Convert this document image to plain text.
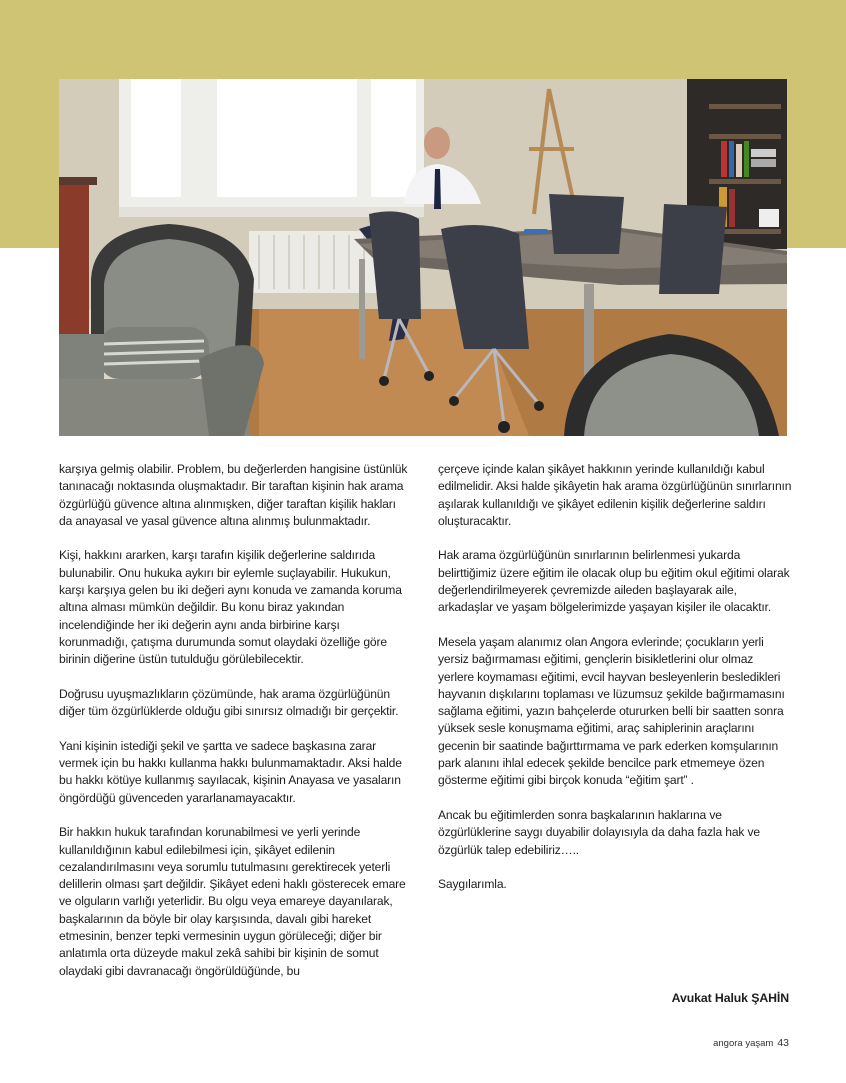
karşıya gelmiş olabilir. Problem, bu değerlerden hangisine üstünlük tanınacağı noktasında oluşmaktadır. Bir taraftan kişinin hak arama özgürlüğü güvence altına alınmışken, diğer taraftan kişilik hakları da anayasal ve yasal güvence altına alınmış bulunmaktadır.

Kişi, hakkını ararken, karşı tarafın kişilik değerlerine saldırıda bulunabilir. Onu hukuka aykırı bir eylemle suçlayabilir. Hukukun, karşı karşıya gelen bu iki değeri aynı konuda ve zamanda koruma altına alması mümkün değildir. Bu konu biraz yakından incelendiğinde her iki değerin aynı anda birbirine karşı korunmadığı, çatışma durumunda somut olaydaki özelliğe göre birinin diğerine üstün tutulduğu görülebilecektir.

Doğrusu uyuşmazlıkların çözümünde, hak arama özgürlüğünün diğer tüm özgürlüklerde olduğu gibi sınırsız olmadığı bir gerçektir.

Yani kişinin istediği şekil ve şartta ve sadece başkasına zarar vermek için bu hakkı kullanma hakkı bulunmamaktadır. Aksi halde bu hakkı kötüye kullanmış sayılacak, kişinin Anayasa ve yasaların öngördüğü güvenceden yararlanamayacaktır.

Bir hakkın hukuk tarafından korunabilmesi ve yerli yerinde kullanıldığının kabul edilebilmesi için, şikâyet edilenin cezalandırılmasını veya sorumlu tutulmasını gerektirecek yeterli delillerin olması şart değildir. Şikâyet edeni haklı gösterecek emare ve olguların varlığı yeterlidir. Bu olgu veya emareye dayanılarak, başkalarının da böyle bir olay karşısında, davalı gibi hareket etmesinin, benzer tepki vermesinin uygun görüleceği; diğer bir anlatımla orta düzeyde makul zekâ sahibi bir kişinin de somut olaydaki gibi davranacağı öngörüldüğünde, bu

çerçeve içinde kalan şikâyet hakkının yerinde kullanıldığı kabul edilmelidir. Aksi halde şikâyetin hak arama özgürlüğünün sınırlarının aşılarak kullanıldığı ve şikâyet edilenin kişilik değerlerine saldırı oluşturacaktır.

Hak arama özgürlüğünün sınırlarının belirlenmesi yukarda belirttiğimiz üzere eğitim ile olacak olup bu eğitim okul eğitimi olarak değerlendirilmeyerek çevremizde aileden başlayarak aile, arkadaşlar ve yaşam bölgelerimizde yaşayan kişiler ile olacaktır.

Mesela yaşam alanımız olan Angora evlerinde; çocukların yerli yersiz bağırmaması eğitimi, gençlerin bisikletlerini olur olmaz yerlere koymaması eğitimi, evcil hayvan besleyenlerin besledikleri hayvanın dışkılarını toplaması ve lüzumsuz şekilde bağırmamasını sağlama eğitimi, yazın bahçelerde otururken belli bir saatten sonra yüksek sesle konuşmama eğitimi, araç sahiplerinin araçlarını gecenin bir saatinde bağırttırmama ve park ederken komşularının park alanını ihlal edecek şekilde bencilce park etmemeye özen gösterme eğitimi gibi birçok konuda “eğitim şart” .

Ancak bu eğitimlerden sonra başkalarının haklarına ve özgürlüklerine saygı duyabilir dolayısıyla da daha fazla hak ve özgürlük talep edebiliriz…..

Saygılarımla.

Avukat Haluk ŞAHİN
angora yaşam 43
